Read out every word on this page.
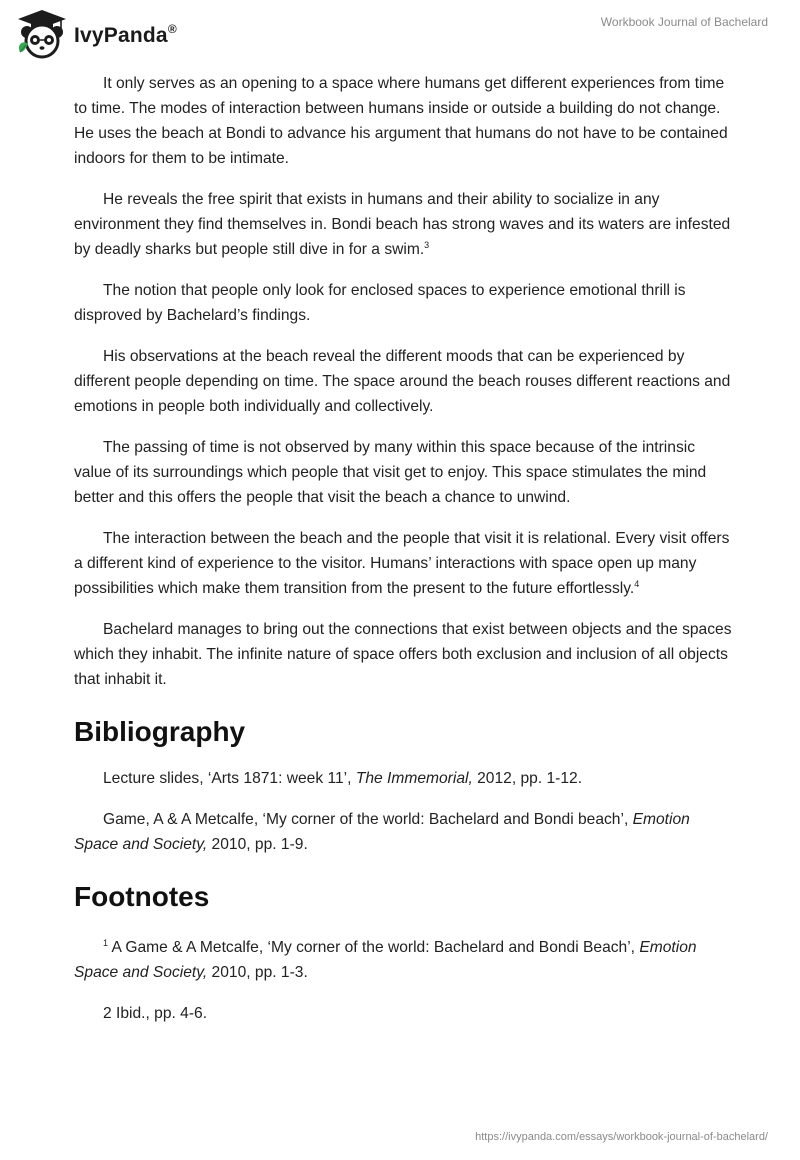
IvyPanda®	Workbook Journal of Bachelard

It only serves as an opening to a space where humans get different experiences from time to time. The modes of interaction between humans inside or outside a building do not change. He uses the beach at Bondi to advance his argument that humans do not have to be contained indoors for them to be intimate.

He reveals the free spirit that exists in humans and their ability to socialize in any environment they find themselves in. Bondi beach has strong waves and its waters are infested by deadly sharks but people still dive in for a swim.$^3$

The notion that people only look for enclosed spaces to experience emotional thrill is disproved by Bachelard’s findings.

His observations at the beach reveal the different moods that can be experienced by different people depending on time. The space around the beach rouses different reactions and emotions in people both individually and collectively.

The passing of time is not observed by many within this space because of the intrinsic value of its surroundings which people that visit get to enjoy. This space stimulates the mind better and this offers the people that visit the beach a chance to unwind.

The interaction between the beach and the people that visit it is relational. Every visit offers a different kind of experience to the visitor. Humans’ interactions with space open up many possibilities which make them transition from the present to the future effortlessly.$^4$

Bachelard manages to bring out the connections that exist between objects and the spaces which they inhabit. The infinite nature of space offers both exclusion and inclusion of all objects that inhabit it.

Bibliography

Lecture slides, ‘Arts 1871: week 11’, The Immemorial, 2012, pp. 1-12.

Game, A & A Metcalfe, ‘My corner of the world: Bachelard and Bondi beach’, Emotion Space and Society, 2010, pp. 1-9.

Footnotes

$^1$ A Game & A Metcalfe, ‘My corner of the world: Bachelard and Bondi Beach’, Emotion Space and Society, 2010, pp. 1-3.

2 Ibid., pp. 4-6.

https://ivypanda.com/essays/workbook-journal-of-bachelard/
